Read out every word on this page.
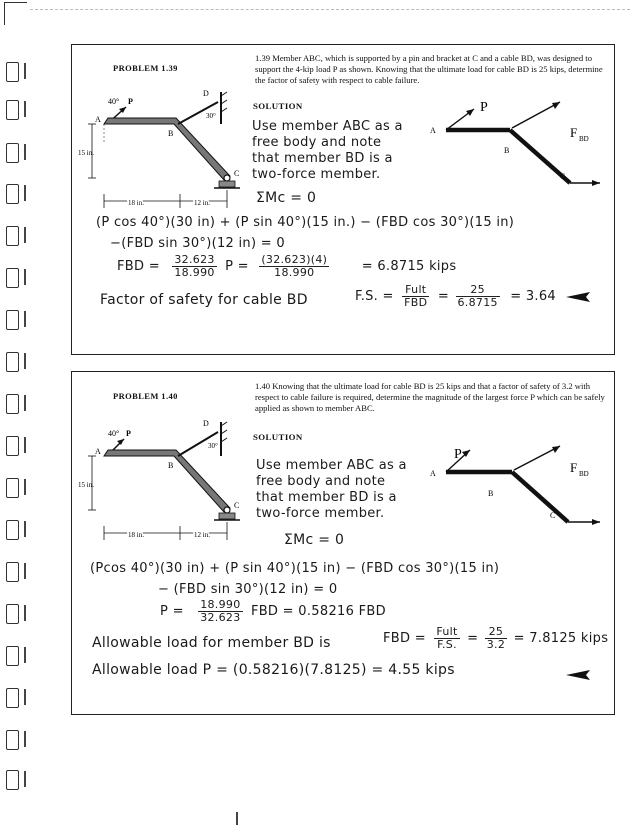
PROBLEM 1.39
1.39 Member ABC, which is supported by a pin and bracket at C and a cable BD, was designed to support the 4-kip load P as shown. Knowing that the ultimate load for cable BD is 25 kips, determine the factor of safety with respect to cable failure.
SOLUTION
40° P
D
30°
A
B
C
15 in.
18 in.	12 in.
Use member ABC as a
free body and note
that member BD is a
two-force member.
P
A
B
C
F BD
ΣMc = 0
(P cos 40°)(30 in) + (P sin 40°)(15 in.) − (FBD cos 30°)(15 in)
−(FBD sin 30°)(12 in) = 0
FBD = $\frac{32.623}{18.990}$ $P = \frac{(32.623)(4)}{18.990} = 6.8715$ kips
Factor of safety for cable BD	F.S. = $\frac{\text{Fult}}{\text{FBD}} = \frac{25}{6.8715} = 3.64$
PROBLEM 1.40
1.40 Knowing that the ultimate load for cable BD is 25 kips and that a factor of safety of 3.2 with respect to cable failure is required, determine the magnitude of the largest force P which can be safely applied as shown to member ABC.
SOLUTION
40° P
D
30°
A
B
C
15 in.
18 in.	12 in.
Use member ABC as a
free body and note
that member BD is a
two-force member.
P
A
B
C
F BD
ΣMc = 0
(Pcos 40°)(30 in) + (P sin 40°)(15 in) − (FBD cos 30°)(15 in)
− (FBD sin 30°)(12 in) = 0
$P = \frac{18.990}{32.623}$ FBD = 0.58216 FBD
Allowable load for member BD is	FBD = $\frac{\text{Fult}}{F.S.} = \frac{25}{3.2} = 7.8125$ kips
Allowable load P = (0.58216)(7.8125) = 4.55 kips
